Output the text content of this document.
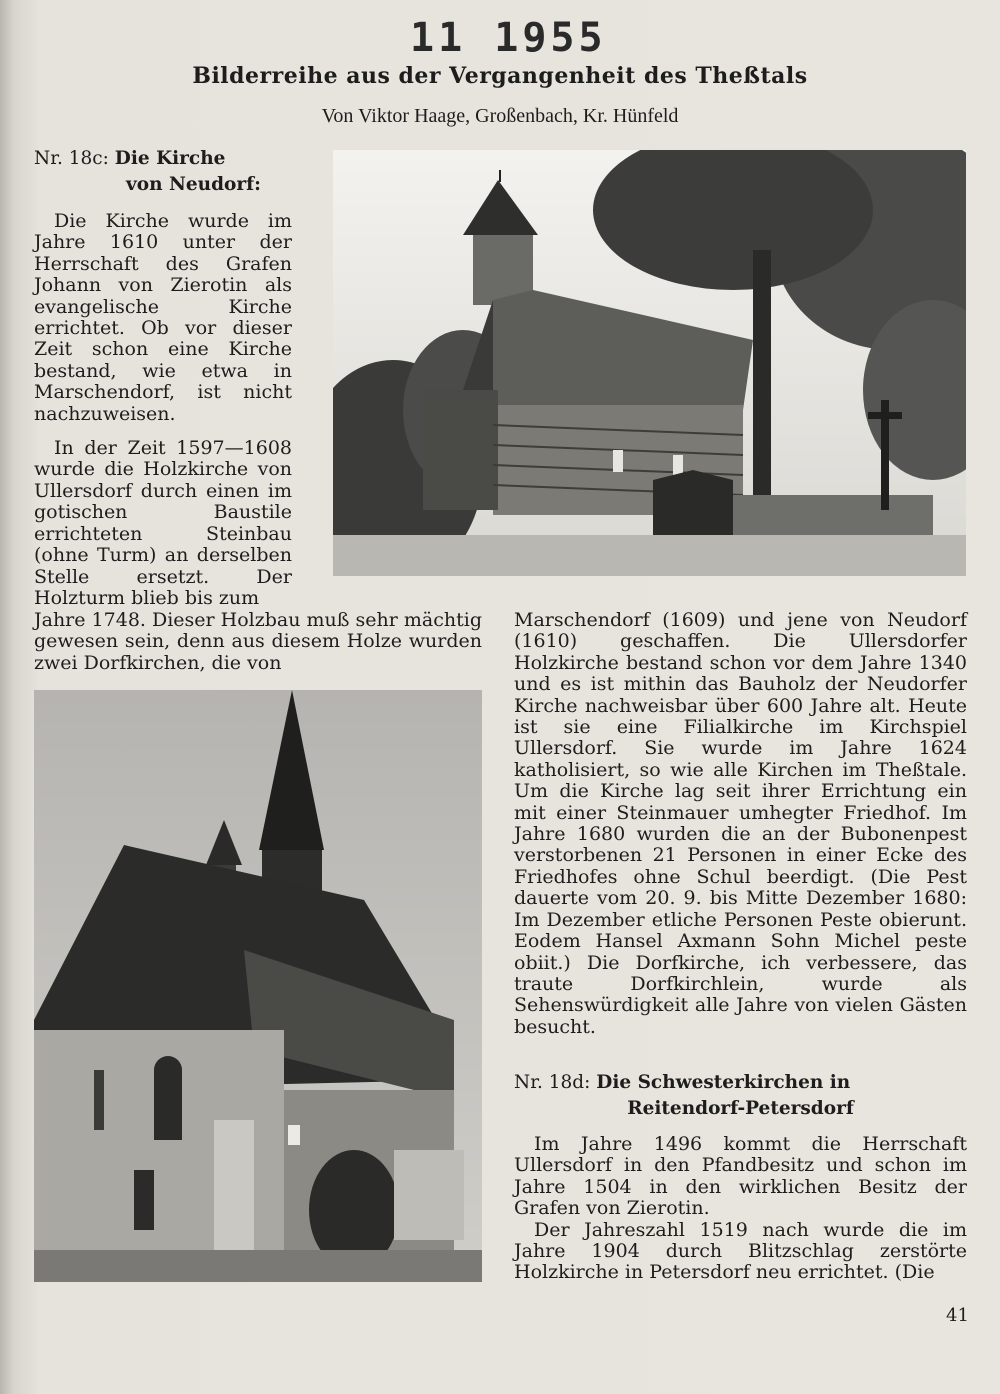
11 1955
Bilderreihe aus der Vergangenheit des Theßtals
Von Viktor Haage, Großenbach, Kr. Hünfeld
Nr. 18c: Die Kirche
von Neudorf:

Die Kirche wurde im Jahre 1610 unter der Herrschaft des Grafen Johann von Zierotin als evangelische Kirche errichtet. Ob vor dieser Zeit schon eine Kirche bestand, wie etwa in Marschendorf, ist nicht nachzuweisen.

In der Zeit 1597—1608 wurde die Holzkirche von Ullersdorf durch einen im gotischen Baustile errichteten Steinbau (ohne Turm) an derselben Stelle ersetzt. Der Holzturm blieb bis zum

Jahre 1748. Dieser Holzbau muß sehr mächtig gewesen sein, denn aus diesem Holze wurden zwei Dorfkirchen, die von

Marschendorf (1609) und jene von Neudorf (1610) geschaffen. Die Ullersdorfer Holzkirche bestand schon vor dem Jahre 1340 und es ist mithin das Bauholz der Neudorfer Kirche nachweisbar über 600 Jahre alt. Heute ist sie eine Filialkirche im Kirchspiel Ullersdorf. Sie wurde im Jahre 1624 katholisiert, so wie alle Kirchen im Theßtale. Um die Kirche lag seit ihrer Errichtung ein mit einer Steinmauer umhegter Friedhof. Im Jahre 1680 wurden die an der Bubonenpest verstorbenen 21 Personen in einer Ecke des Friedhofes ohne Schul beerdigt. (Die Pest dauerte vom 20. 9. bis Mitte Dezember 1680: Im Dezember etliche Personen Peste obierunt. Eodem Hansel Axmann Sohn Michel peste obiit.) Die Dorfkirche, ich verbessere, das traute Dorfkirchlein, wurde als Sehenswürdigkeit alle Jahre von vielen Gästen besucht.

Nr. 18d: Die Schwesterkirchen in
Reitendorf-Petersdorf

Im Jahre 1496 kommt die Herrschaft Ullersdorf in den Pfandbesitz und schon im Jahre 1504 in den wirklichen Besitz der Grafen von Zierotin.

Der Jahreszahl 1519 nach wurde die im Jahre 1904 durch Blitzschlag zerstörte Holzkirche in Petersdorf neu errichtet. (Die

41
